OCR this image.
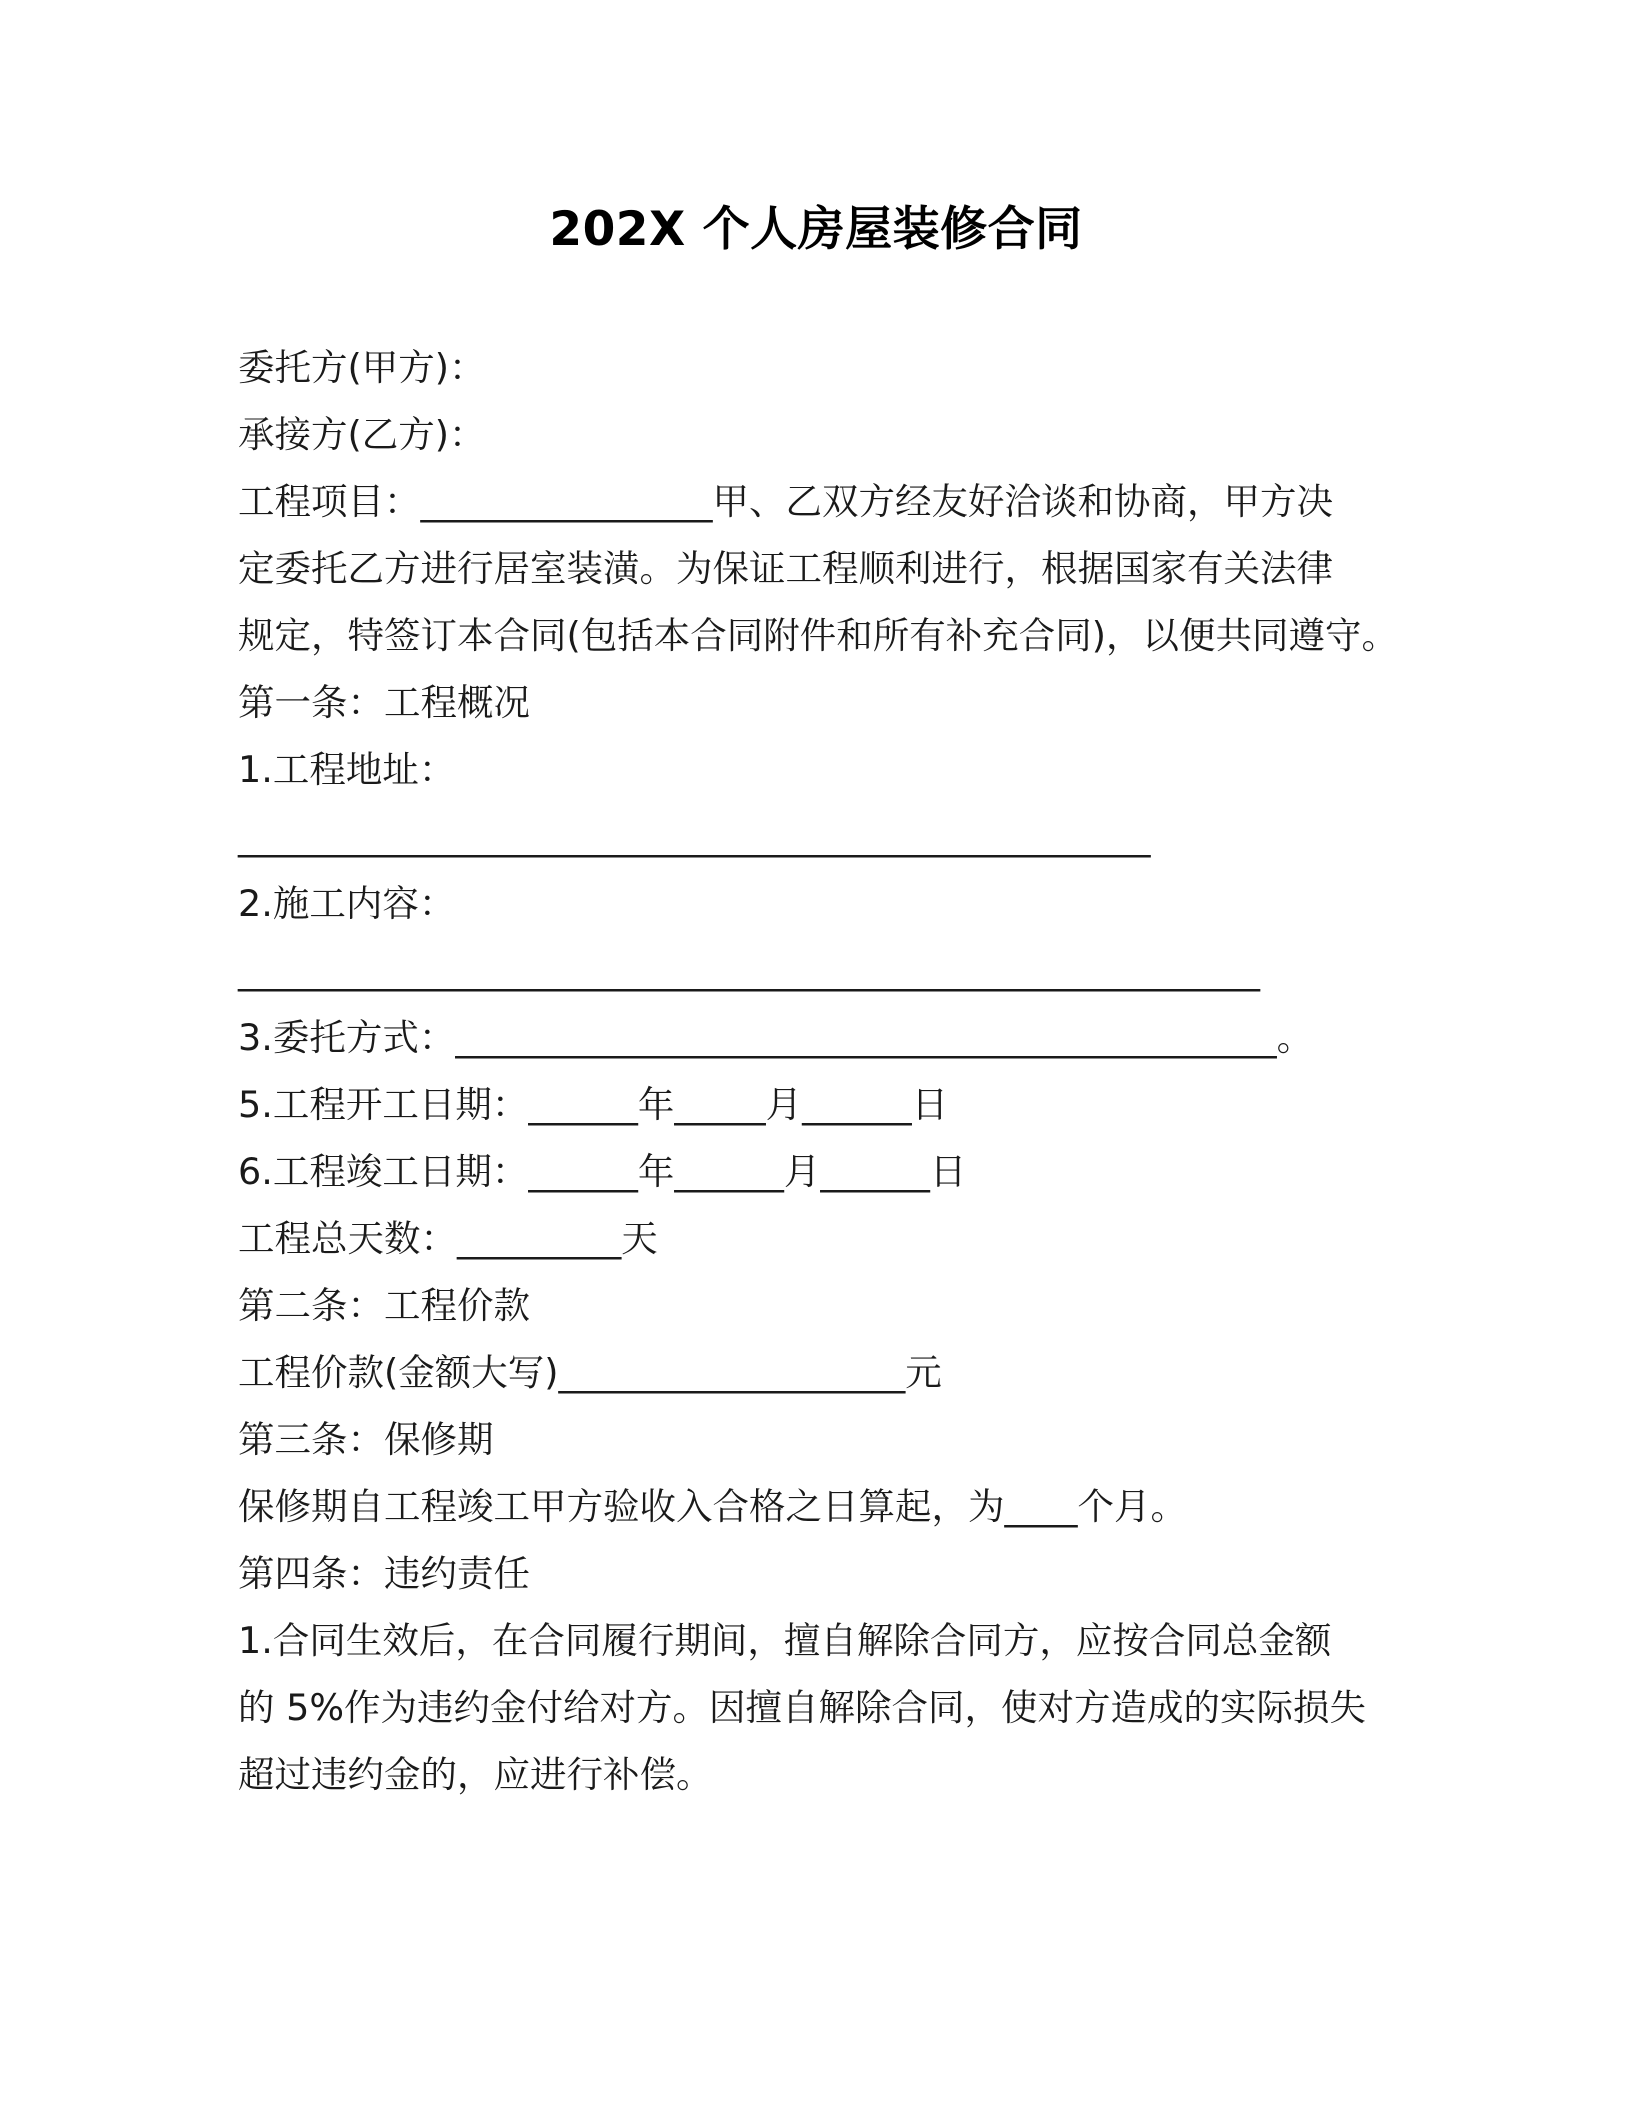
202X 个人房屋装修合同
委托方(甲方)：
承接方(乙方)：
工程项目：________________甲、乙双方经友好洽谈和协商，甲方决
定委托乙方进行居室装潢。为保证工程顺利进行，根据国家有关法律
规定，特签订本合同(包括本合同附件和所有补充合同)，以便共同遵守。
第一条：工程概况
1.工程地址：
__________________________________________________
2.施工内容：
________________________________________________________
3.委托方式：_____________________________________________。
5.工程开工日期：______年_____月______日
6.工程竣工日期：______年______月______日
工程总天数：_________天
第二条：工程价款
工程价款(金额大写)___________________元
第三条：保修期
保修期自工程竣工甲方验收入合格之日算起，为____个月。
第四条：违约责任
1.合同生效后，在合同履行期间，擅自解除合同方，应按合同总金额
的 5%作为违约金付给对方。因擅自解除合同，使对方造成的实际损失
超过违约金的，应进行补偿。
